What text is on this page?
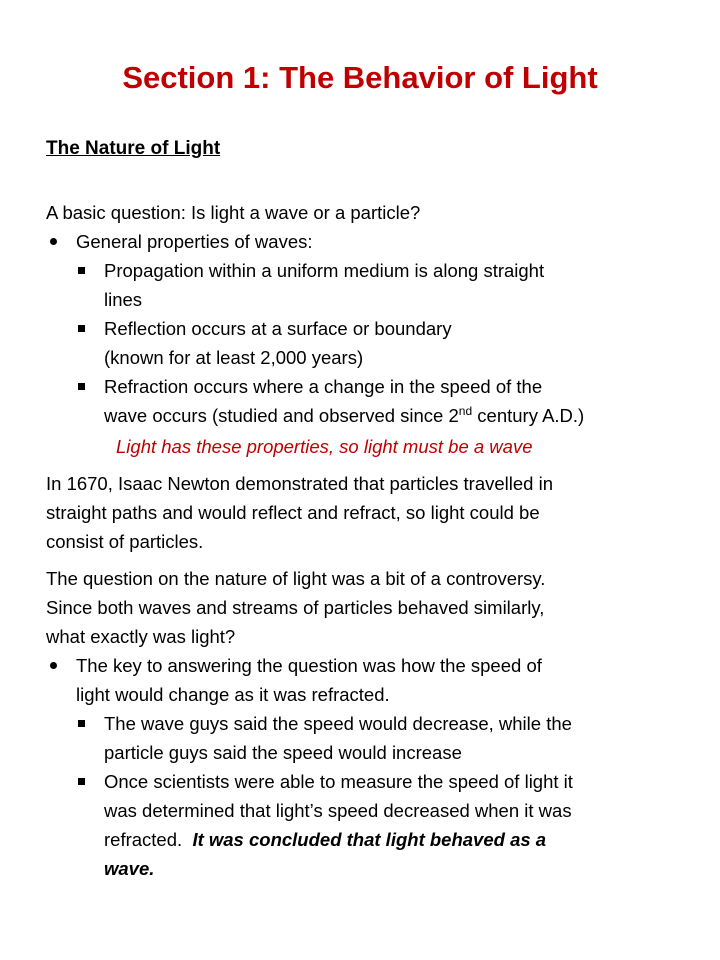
Section 1: The Behavior of Light
The Nature of Light
A basic question: Is light a wave or a particle?
General properties of waves:
Propagation within a uniform medium is along straight
lines
Reflection occurs at a surface or boundary
(known for at least 2,000 years)
Refraction occurs where a change in the speed of the
wave occurs (studied and observed since 2nd century A.D.)
Light has these properties, so light must be a wave
In 1670, Isaac Newton demonstrated that particles travelled in
straight paths and would reflect and refract, so light could be
consist of particles.
The question on the nature of light was a bit of a controversy.
Since both waves and streams of particles behaved similarly,
what exactly was light?
The key to answering the question was how the speed of
light would change as it was refracted.
The wave guys said the speed would decrease, while the
particle guys said the speed would increase
Once scientists were able to measure the speed of light it
was determined that light’s speed decreased when it was
refracted.  It was concluded that light behaved as a
wave.
